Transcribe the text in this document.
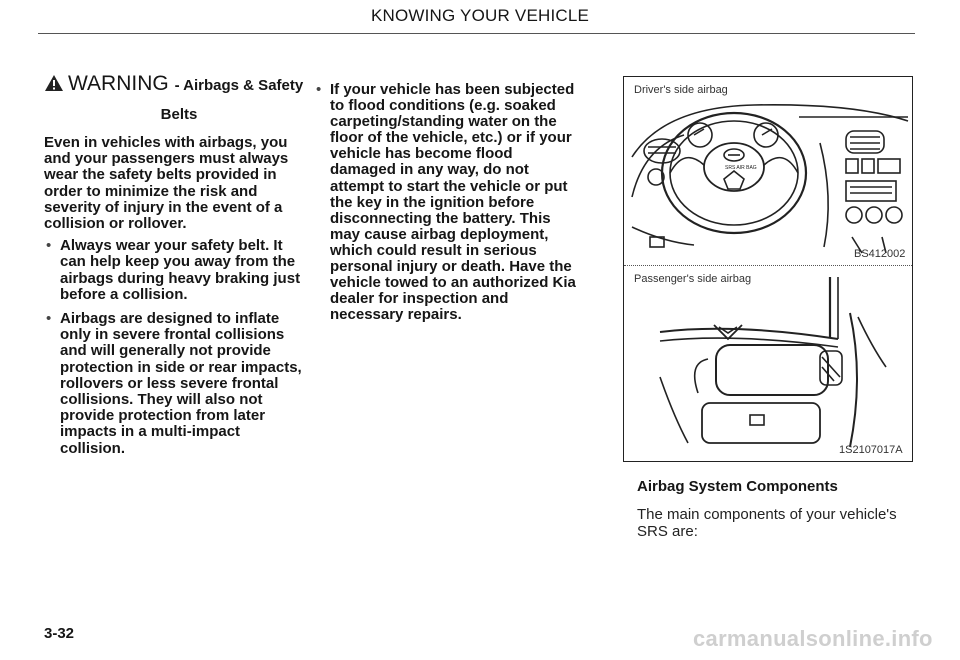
KNOWING YOUR VEHICLE
WARNING - Airbags & Safety
Belts
Even in vehicles with airbags, you
and your passengers must always
wear the safety belts provided in
order to minimize the risk and
severity of injury in the event of a
collision or rollover.
• Always wear your safety belt. It
can help keep you away from the
airbags during heavy braking just
before a collision.
• Airbags are designed to inflate
only in severe frontal collisions
and will generally not provide
protection in side or rear impacts,
rollovers or less severe frontal
collisions. They will also not
provide protection from later
impacts in a multi-impact
collision.
• If your vehicle has been subjected
to flood conditions (e.g. soaked
carpeting/standing water on the
floor of the vehicle, etc.) or if your
vehicle has become flood
damaged in any way, do not
attempt to start the vehicle or put
the key in the ignition before
disconnecting the battery. This
may cause airbag deployment,
which could result in serious
personal injury or death. Have the
vehicle towed to an authorized Kia
dealer for inspection and
necessary repairs.
SRS AIR BAG
Driver's side airbag
BS412002
Passenger's side airbag
1S2107017A
Airbag System Components
The main components of your vehicle's
SRS are:
3-32	carmanualsonline.info
